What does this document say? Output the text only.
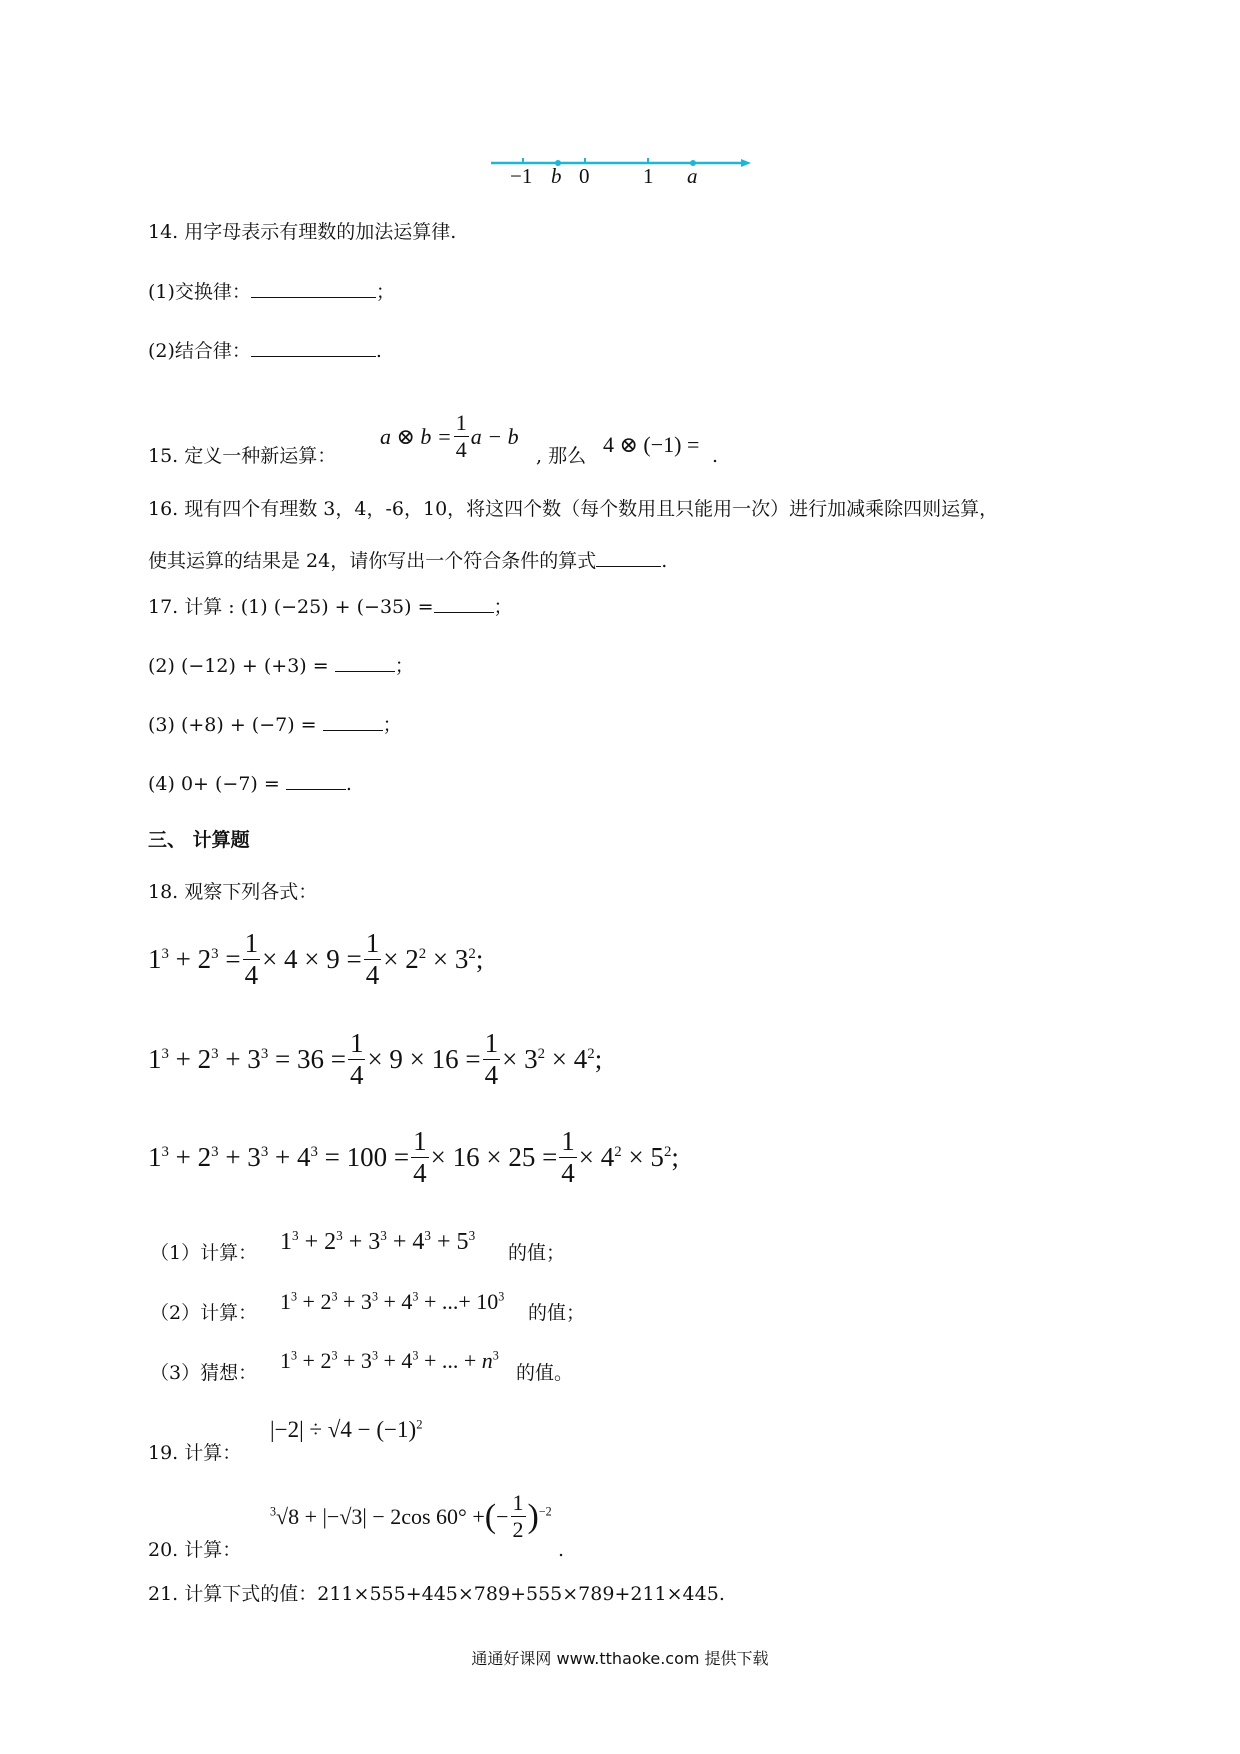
−1 b 0	1 a
14. 用字母表示有理数的加法运算律.
(1)交换律：	；
(2)结合律：	.
15. 定义一种新运算：
a ⊗ $b = \frac{1}{4}$ a − b
, 那么 4 ⊗ (−1) = .
16. 现有四个有理数 3，4，-6，10，将这四个数（每个数用且只能用一次）进行加减乘除四则运算，
使其运算的结果是 24，请你写出一个符合条件的算式	.
17. 计算 : (1) (−25) + (−35) =	；
(2) (−12) + (+3) =	；
(3) (+8) + (−7) =	；
(4) 0+ (−7) =	.
三、 计算题
18. 观察下列各式：
$1^3 + 2^3 = \frac{1}{4} \times 4 \times 9 = \frac{1}{4} \times 2^2 \times 3^2$;
$1^3 + 2^3 + 3^3 = 36 = \frac{1}{4} \times 9 \times 16 = \frac{1}{4} \times 3^2 \times 4^2$;
$1^3 + 2^3 + 3^3 + 4^3 = 100 = \frac{1}{4} \times 16 \times 25 = \frac{1}{4} \times 4^2 \times 5^2$;
（1）计算： $1^3 + 2^3 + 3^3 + 4^3 + 5^3$
的值；
（2）计算： $1^3 + 2^3 + 3^3 + 4^3$ + ...+ $10^3$
的值；
（3）猜想： $1^3 + 2^3 + 3^3 + 4^3$ + ... + $n^3$
的值。
19. 计算：
$|-2| \div √4 - (-1)^2$
20. 计算：
$^3$√8 + |−√3| − 2cos 60° + ( − $\frac{1}{2}$ ) $^{-2}$
.
21. 计算下式的值：211×555+445×789+555×789+211×445.
通通好课网 www.tthaoke.com 提供下载
